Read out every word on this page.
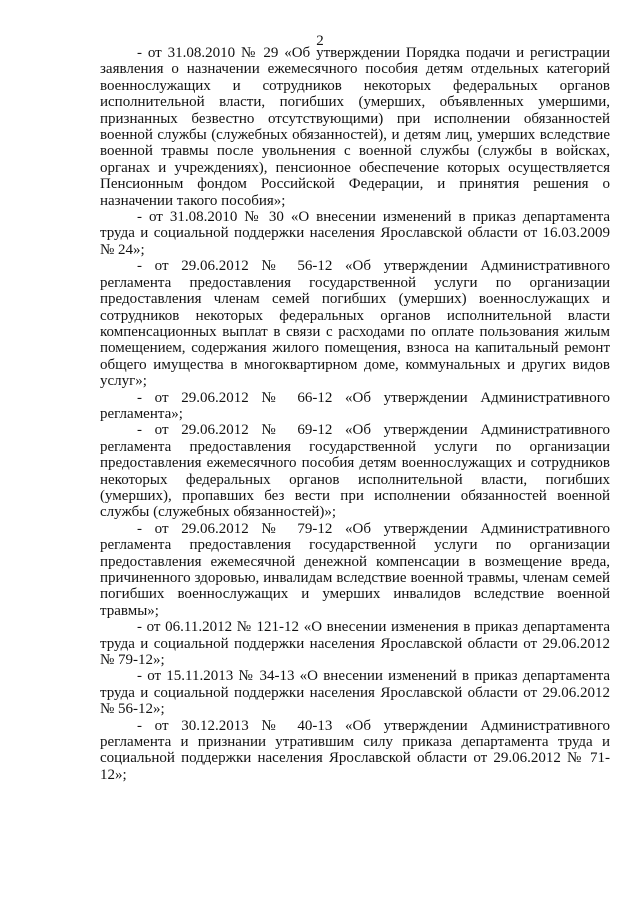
2

- от 31.08.2010 № 29 «Об утверждении Порядка подачи и регистрации заявления о назначении ежемесячного пособия детям отдельных категорий военнослужащих и сотрудников некоторых федеральных органов исполнительной власти, погибших (умерших, объявленных умершими, признанных безвестно отсутствующими) при исполнении обязанностей военной службы (служебных обязанностей), и детям лиц, умерших вследствие военной травмы после увольнения с военной службы (службы в войсках, органах и учреждениях), пенсионное обеспечение которых осуществляется Пенсионным фондом Российской Федерации, и принятия решения о назначении такого пособия»;

- от 31.08.2010 № 30 «О внесении изменений в приказ департамента труда и социальной поддержки населения Ярославской области от 16.03.2009 № 24»;

- от 29.06.2012 № 56-12 «Об утверждении Административного регламента предоставления государственной услуги по организации предоставления членам семей погибших (умерших) военнослужащих и сотрудников некоторых федеральных органов исполнительной власти компенсационных выплат в связи с расходами по оплате пользования жилым помещением, содержания жилого помещения, взноса на капитальный ремонт общего имущества в многоквартирном доме, коммунальных и других видов услуг»;

- от 29.06.2012 № 66-12 «Об утверждении Административного регламента»;

- от 29.06.2012 № 69-12 «Об утверждении Административного регламента предоставления государственной услуги по организации предоставления ежемесячного пособия детям военнослужащих и сотрудников некоторых федеральных органов исполнительной власти, погибших (умерших), пропавших без вести при исполнении обязанностей военной службы (служебных обязанностей)»;

- от 29.06.2012 № 79-12 «Об утверждении Административного регламента предоставления государственной услуги по организации предоставления ежемесячной денежной компенсации в возмещение вреда, причиненного здоровью, инвалидам вследствие военной травмы, членам семей погибших военнослужащих и умерших инвалидов вследствие военной травмы»;

- от 06.11.2012 № 121-12 «О внесении изменения в приказ департамента труда и социальной поддержки населения Ярославской области от 29.06.2012 № 79-12»;

- от 15.11.2013 № 34-13 «О внесении изменений в приказ департамента труда и социальной поддержки населения Ярославской области от 29.06.2012 № 56-12»;

- от 30.12.2013 № 40-13 «Об утверждении Административного регламента и признании утратившим силу приказа департамента труда и социальной поддержки населения Ярославской области от 29.06.2012 № 71-12»;
